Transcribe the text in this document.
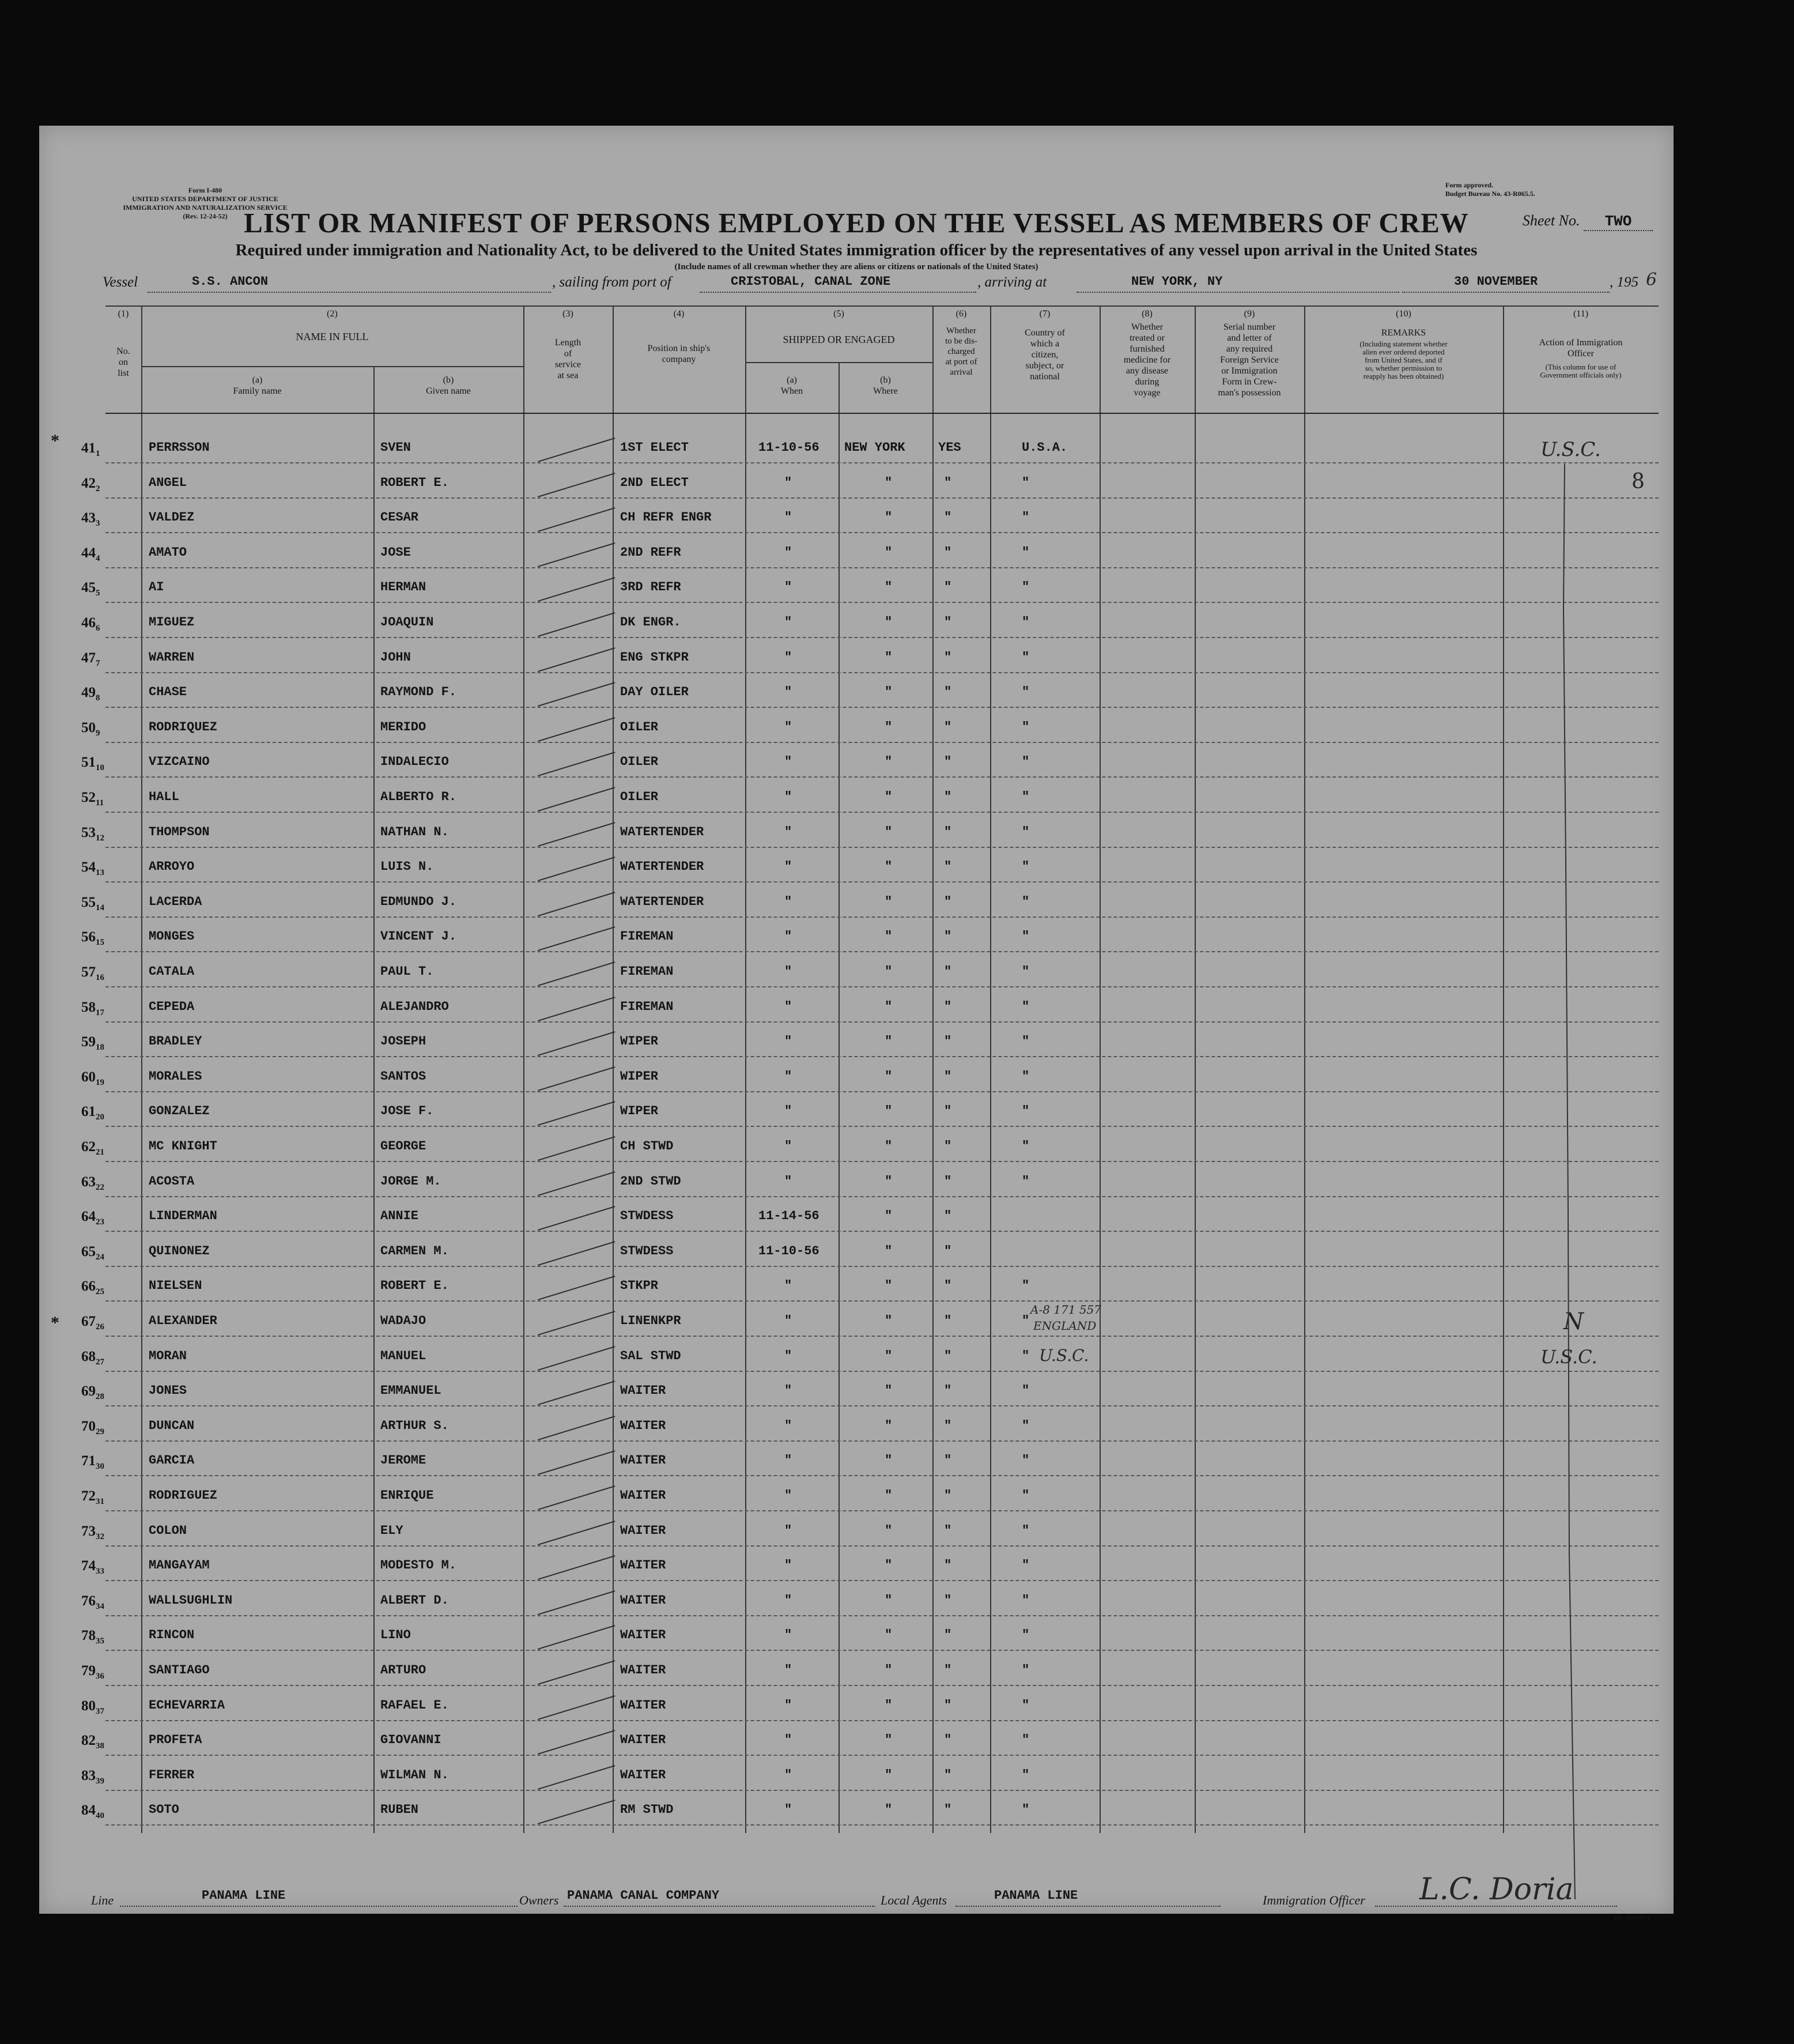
Form I-480
UNITED STATES DEPARTMENT OF JUSTICE
IMMIGRATION AND NATURALIZATION SERVICE
(Rev. 12-24-52)
Form approved.
Budget Bureau No. 43-R065.5.
LIST OR MANIFEST OF PERSONS EMPLOYED ON THE VESSEL AS MEMBERS OF CREW	Sheet No. TWO
Required under immigration and Nationality Act, to be delivered to the United States immigration officer by the representatives of any vessel upon arrival in the United States
(Include names of all crewman whether they are aliens or citizens or nationals of the United States)
Vessel	S.S. ANCON	, sailing from port of	CRISTOBAL, CANAL ZONE	, arriving at	NEW YORK, NY	30 NOVEMBER	, 195 6
(1)
No.
on
list
(2)
NAME IN FULL
(a)
Family name
(b)
Given name
(3)
Length
of
service
at sea
(4)
Position in ship's
company
(5)
SHIPPED OR ENGAGED
(a)
When
(b)
Where
(6)
Whether
to be dis-
charged
at port of
arrival
(7)
Country of
which a
citizen,
subject, or
national
(8)
Whether
treated or
furnished
medicine for
any disease
during
voyage
(9)
Serial number
and letter of
any required
Foreign Service
or Immigration
Form in Crew-
man's possession
(10)
REMARKS
(Including statement whether
alien ever ordered deported
from United States, and if
so, whether permission to
reapply has been obtained)
(11)
Action of Immigration
Officer
(This column for use of
Government officials only)
$41_1$	PERRSSON	SVEN	1ST ELECT	11-10-56 NEW YORK	YES	U.S.A.
$42_2$	ANGEL	ROBERT E.	2ND ELECT	"	"	"	"
$43_3$	VALDEZ	CESAR	CH REFR ENGR	"	"	"	"
$44_4$	AMATO	JOSE	2ND REFR	"	"	"	"
$45_5$	AI	HERMAN	3RD REFR	"	"	"	"
$46_6$	MIGUEZ	JOAQUIN	DK ENGR.	"	"	"	"
$47_7$	WARREN	JOHN	ENG STKPR	"	"	"	"
$49_8$	CHASE	RAYMOND F.	DAY OILER	"	"	"	"
$50_9$	RODRIQUEZ	MERIDO	OILER	"	"	"	"
$51_{10}$	VIZCAINO	INDALECIO	OILER	"	"	"	"
$52_{11}$	HALL	ALBERTO R.	OILER	"	"	"	"
$53_{12}$	THOMPSON	NATHAN N.	WATERTENDER	"	"	"	"
$54_{13}$	ARROYO	LUIS N.	WATERTENDER	"	"	"	"
$55_{14}$	LACERDA	EDMUNDO J.	WATERTENDER	"	"	"	"
$56_{15}$	MONGES	VINCENT J.	FIREMAN	"	"	"	"
$57_{16}$	CATALA	PAUL T.	FIREMAN	"	"	"	"
$58_{17}$	CEPEDA	ALEJANDRO	FIREMAN	"	"	"	"
$59_{18}$	BRADLEY	JOSEPH	WIPER	"	"	"	"
$60_{19}$	MORALES	SANTOS	WIPER	"	"	"	"
$61_{20}$	GONZALEZ	JOSE F.	WIPER	"	"	"	"
$62_{21}$	MC KNIGHT	GEORGE	CH STWD	"	"	"	"
$63_{22}$	ACOSTA	JORGE M.	2ND STWD	"	"	"	"
$64_{23}$	LINDERMAN	ANNIE	STWDESS	11-14-56	"	"
$65_{24}$	QUINONEZ	CARMEN M.	STWDESS	11-10-56	"	"
$66_{25}$	NIELSEN	ROBERT E.	STKPR	"	"	"	"
$67_{26}$	ALEXANDER	WADAJO	LINENKPR	"	"	"	"
$68_{27}$	MORAN	MANUEL	SAL STWD	"	"	"	"
$69_{28}$	JONES	EMMANUEL	WAITER	"	"	"	"
$70_{29}$	DUNCAN	ARTHUR S.	WAITER	"	"	"	"
$71_{30}$	GARCIA	JEROME	WAITER	"	"	"	"
$72_{31}$	RODRIGUEZ	ENRIQUE	WAITER	"	"	"	"
$73_{32}$	COLON	ELY	WAITER	"	"	"	"
$74_{33}$	MANGAYAM	MODESTO M.	WAITER	"	"	"	"
$76_{34}$	WALLSUGHLIN	ALBERT D.	WAITER	"	"	"	"
$78_{35}$	RINCON	LINO	WAITER	"	"	"	"
$79_{36}$	SANTIAGO	ARTURO	WAITER	"	"	"	"
$80_{37}$	ECHEVARRIA	RAFAEL E.	WAITER	"	"	"	"
$82_{38}$	PROFETA	GIOVANNI	WAITER	"	"	"	"
$83_{39}$	FERRER	WILMAN N.	WAITER	"	"	"	"
$84_{40}$	SOTO	RUBEN	RM STWD	"	"	"	"
U.S.C.
8
A-8 171 557
ENGLAND
U.S.C.
N
U.S.C.
Line	PANAMA LINE	Owners PANAMA CANAL COMPANY	Local Agents	PANAMA LINE	Immigration Officer L.C. Doria
16—67829-1
*
*
